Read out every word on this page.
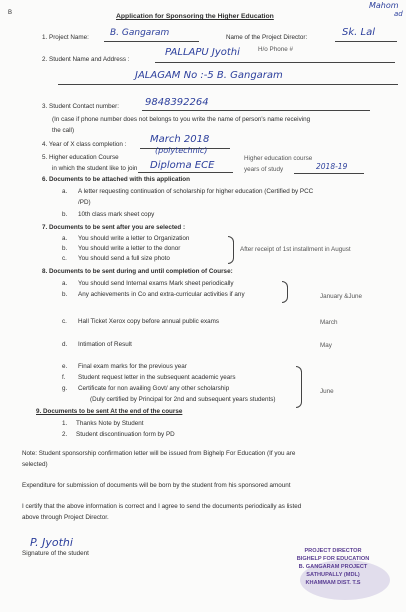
B
Mahom
ad
Application for Sponsoring the Higher Education
1. Project Name: B. Gangaram	Name of the Project Director:	Sk. Lal
2. Student Name and Address :
PALLAPU Jyothi	H/o Phone #
JALAGAM No :-5 B. Gangaram
3. Student Contact number:	9848392264
(In case if phone number does not belongs to you write the name of person's name receiving
the call)
4. Year of X class completion : March 2018
5. Higher education Course
in which the student like to join
(polytechnic)
Diploma ECE
Higher education course
years of study	2018-19
6. Documents to be attached with this application
a. A letter requesting continuation of scholarship for higher education (Certified by PCC
/PD)
b. 10th class mark sheet copy
7. Documents to be sent after you are selected :
a. You should write a letter to Organization
b. You should write a letter to the donor
c. You should send a full size photo
After receipt of 1st installment in August
8. Documents to be sent during and until completion of Course:
a. You should send Internal exams Mark sheet periodically
b. Any achievements in Co and extra-curricular activities if any	January &June
c. Hall Ticket Xerox copy before annual public exams	March
d. Intimation of Result	May
e. Final exam marks for the previous year
f. Student request letter in the subsequent academic years
g. Certificate for non availing Govt/ any other scholarship
(Duly certified by Principal for 2nd and subsequent years students)
June
9. Documents to be sent At the end of the course
1. Thanks Note by Student
2. Student discontinuation form by PD
Note: Student sponsorship confirmation letter will be issued from Bighelp For Education (If you are
selected)
Expenditure for submission of documents will be born by the student from his sponsored amount
I certify that the above information is correct and I agree to send the documents periodically as listed
above through Project Director.
P. Jyothi
Signature of the student	PROJECT DIRECTOR
BIGHELP FOR EDUCATION
B. GANGARAM PROJECT
SATHUPALLY (MDL)
KHAMMAM DIST. T.S
